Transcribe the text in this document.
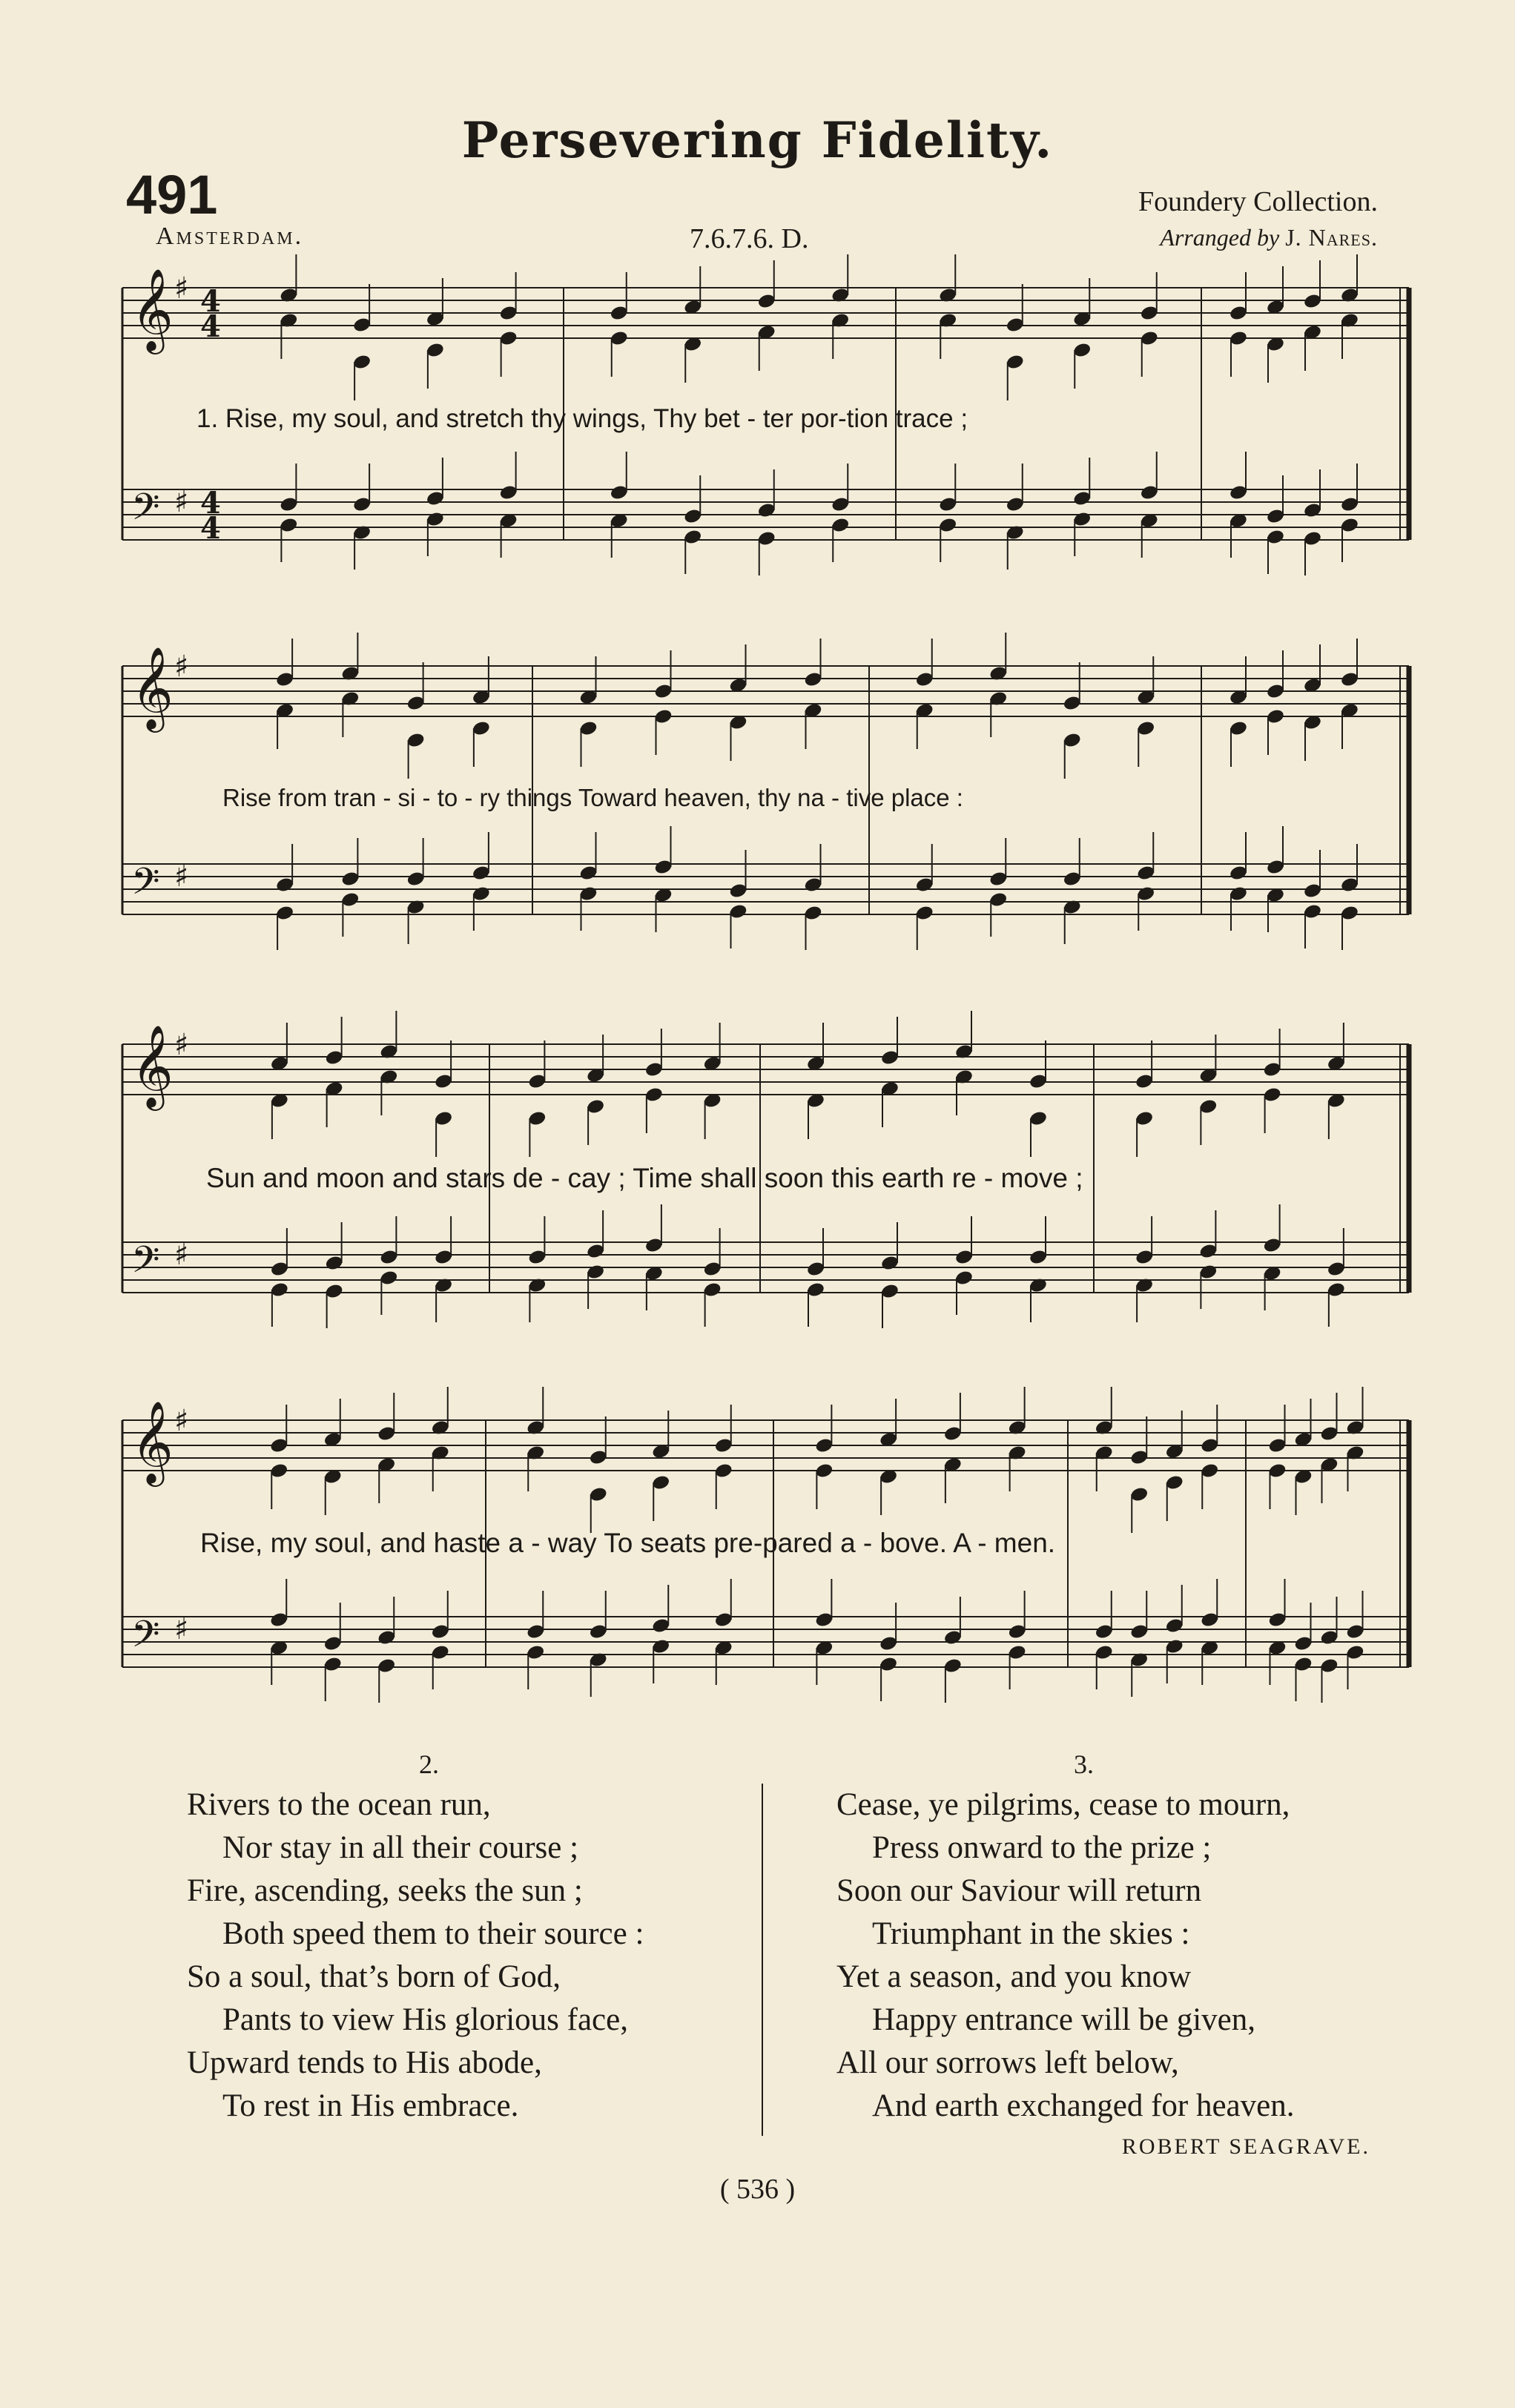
Persevering Fidelity.
491
Amsterdam.	7.6.7.6. D.
Foundery Collection.
Arranged by J. Nares.
𝄞 ♯ 4
4
𝄢 ♯ 4
4
𝄞 ♯
𝄢 ♯
𝄞 ♯
𝄢 ♯
𝄞 ♯
𝄢 ♯
1. Rise, my soul, and stretch thy wings, Thy bet - ter por-tion trace ;
Rise from tran - si - to - ry things Toward heaven, thy na - tive place :
Sun and moon and stars de - cay ; Time shall soon this earth re - move ;
Rise, my soul, and haste a - way To seats pre-pared a - bove. A - men.
2.	3.
Rivers to the ocean run,
Nor stay in all their course ;
Fire, ascending, seeks the sun ;
Both speed them to their source :
So a soul, that’s born of God,
Pants to view His glorious face,
Upward tends to His abode,
To rest in His embrace.
Cease, ye pilgrims, cease to mourn,
Press onward to the prize ;
Soon our Saviour will return
Triumphant in the skies :
Yet a season, and you know
Happy entrance will be given,
All our sorrows left below,
And earth exchanged for heaven.
ROBERT SEAGRAVE.
( 536 )
